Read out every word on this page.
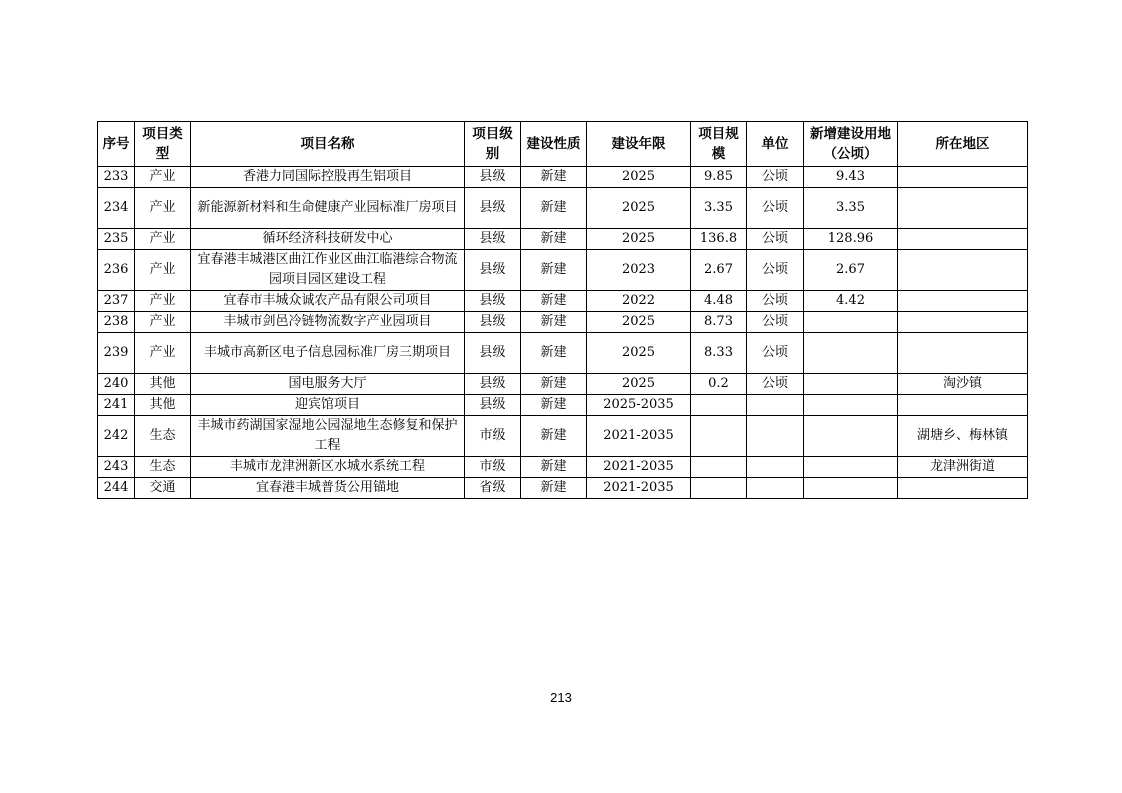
序号	项目类型	项目名称	项目级别	建设性质	建设年限	项目规模	单位	新增建设用地（公顷）	所在地区
233	产业	香港力同国际控股再生铝项目	县级	新建	2025	9.85	公顷	9.43	
234	产业	新能源新材料和生命健康产业园标准厂房项目	县级	新建	2025	3.35	公顷	3.35	
235	产业	循环经济科技研发中心	县级	新建	2025	136.8	公顷	128.96	
236	产业	宜春港丰城港区曲江作业区曲江临港综合物流园项目园区建设工程	县级	新建	2023	2.67	公顷	2.67	
237	产业	宜春市丰城众诚农产品有限公司项目	县级	新建	2022	4.48	公顷	4.42	
238	产业	丰城市剑邑冷链物流数字产业园项目	县级	新建	2025	8.73	公顷		
239	产业	丰城市高新区电子信息园标准厂房三期项目	县级	新建	2025	8.33	公顷		
240	其他	国电服务大厅	县级	新建	2025	0.2	公顷		淘沙镇
241	其他	迎宾馆项目	县级	新建	2025-2035				
242	生态	丰城市药湖国家湿地公园湿地生态修复和保护工程	市级	新建	2021-2035				湖塘乡、梅林镇
243	生态	丰城市龙津洲新区水城水系统工程	市级	新建	2021-2035				龙津洲街道
244	交通	宜春港丰城普货公用锚地	省级	新建	2021-2035				
213
